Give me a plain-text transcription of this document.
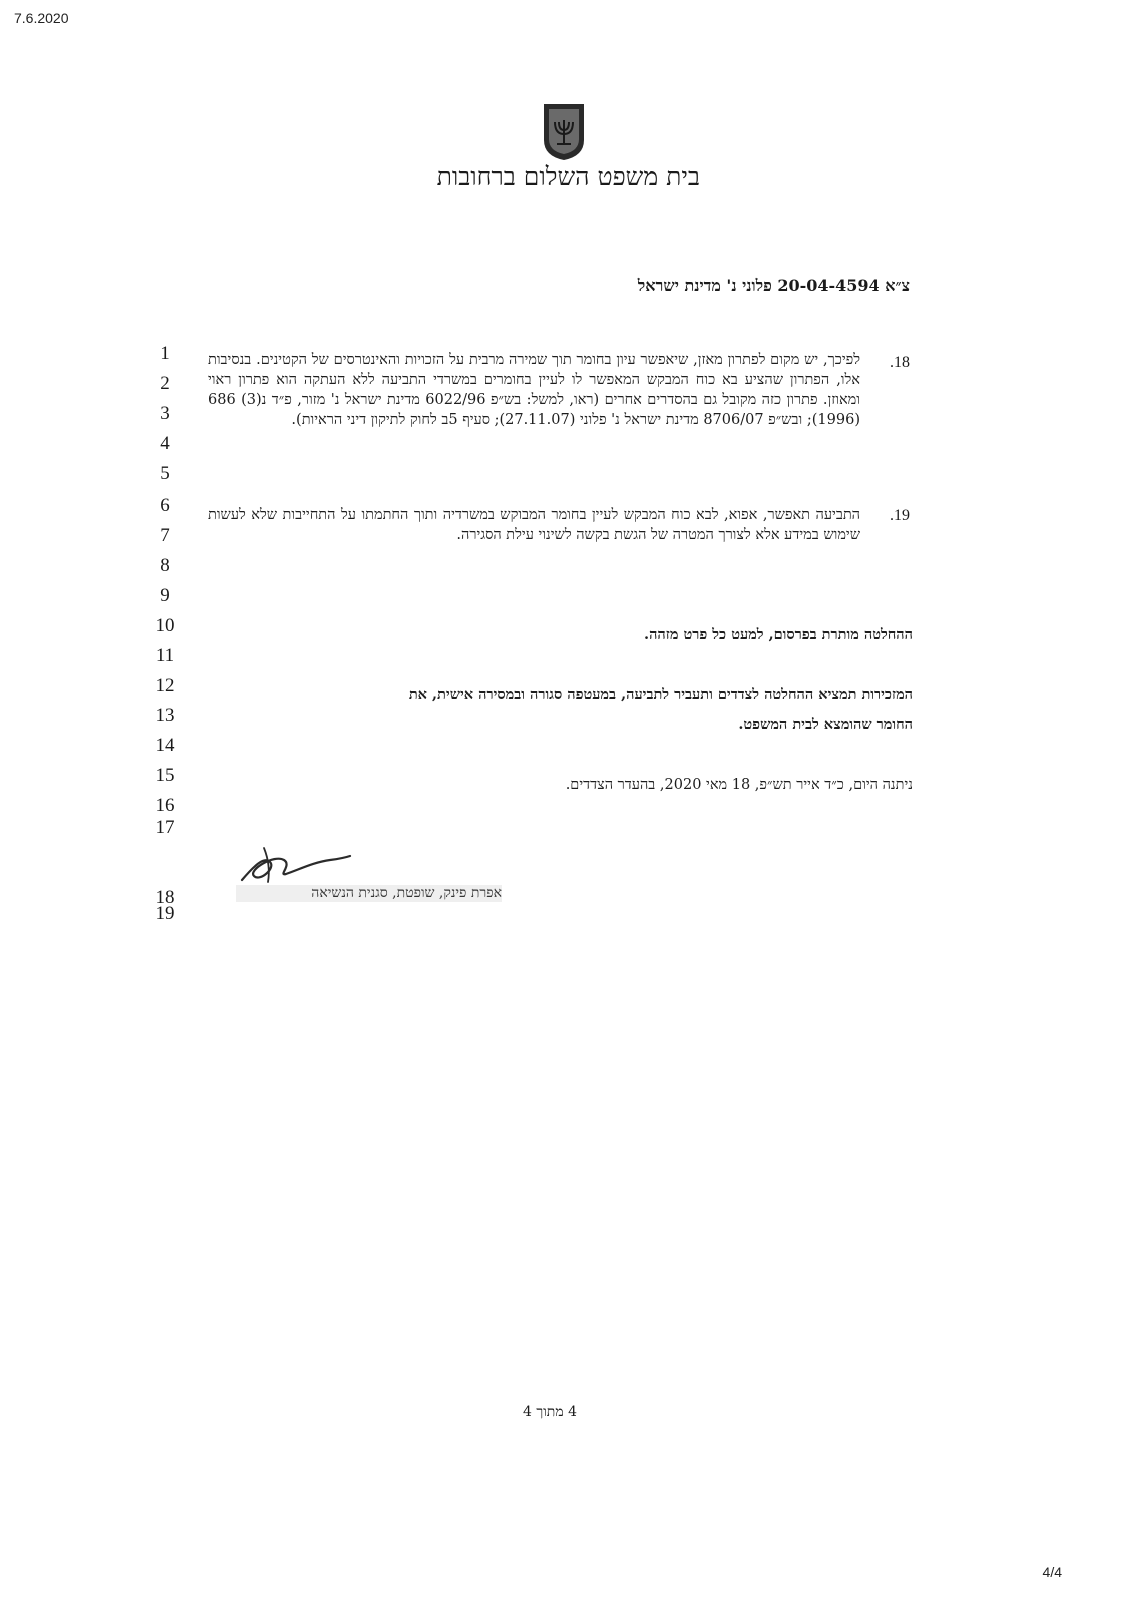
7.6.2020
בית משפט השלום ברחובות
צ״א 20-04-4594 פלוני נ' מדינת ישראל
1
2
3
4
5
6
7
8
9
10
11
12
13
14
15
16
17
18
19
.18
לפיכך, יש מקום לפתרון מאזן, שיאפשר עיון בחומר תוך שמירה מרבית על הזכויות והאינטרסים של הקטינים. בנסיבות אלו, הפתרון שהציע בא כוח המבקש המאפשר לו לעיין בחומרים במשרדי התביעה ללא העתקה הוא פתרון ראוי ומאוזן. פתרון כזה מקובל גם בהסדרים אחרים (ראו, למשל: בש״פ 6022/96 מדינת ישראל נ' מזור, פ״ד נ(3) 686 (1996); ובש״פ 8706/07 מדינת ישראל נ' פלוני (27.11.07); סעיף 5ב לחוק לתיקון דיני הראיות).
.19
התביעה תאפשר, אפוא, לבא כוח המבקש לעיין בחומר המבוקש במשרדיה ותוך החתמתו על התחייבות שלא לעשות שימוש במידע אלא לצורך המטרה של הגשת בקשה לשינוי עילת הסגירה.
ההחלטה מותרת בפרסום, למעט כל פרט מזהה.
המזכירות תמציא ההחלטה לצדדים ותעביר לתביעה, במעטפה סגורה ובמסירה אישית, את
החומר שהומצא לבית המשפט.
ניתנה היום, כ״ד אייר תש״פ, 18 מאי 2020, בהעדר הצדדים.
אפרת פינק, שופטת, סגנית הנשיאה
4 מתוך 4
4/4
